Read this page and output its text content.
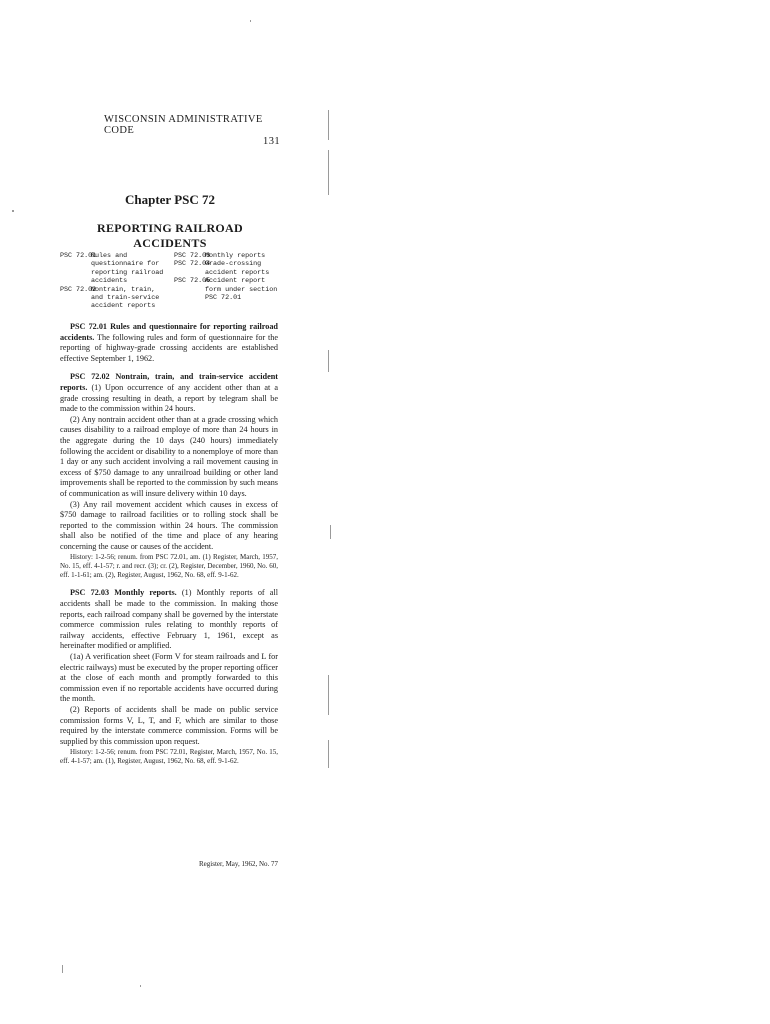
WISCONSIN ADMINISTRATIVE CODE
131
Chapter PSC 72
REPORTING RAILROAD ACCIDENTS
PSC 72.01
Rules and questionnaire for reporting railroad accidents
PSC 72.02
Nontrain, train, and train-service accident reports
PSC 72.03
Monthly reports
PSC 72.04
Grade-crossing accident reports
PSC 72.05
Accident report form under section PSC 72.01

PSC 72.01 Rules and questionnaire for reporting railroad accidents. The following rules and form of questionnaire for the reporting of highway-grade crossing accidents are established effective September 1, 1962.

PSC 72.02 Nontrain, train, and train-service accident reports. (1) Upon occurrence of any accident other than at a grade crossing resulting in death, a report by telegram shall be made to the commission within 24 hours.

(2) Any nontrain accident other than at a grade crossing which causes disability to a railroad employe of more than 24 hours in the aggregate during the 10 days (240 hours) immediately following the accident or disability to a nonemploye of more than 1 day or any such accident involving a rail movement causing in excess of $750 damage to any unrailroad building or other land improvements shall be reported to the commission by such means of communication as will insure delivery within 10 days.

(3) Any rail movement accident which causes in excess of $750 damage to railroad facilities or to rolling stock shall be reported to the commission within 24 hours. The commission shall also be notified of the time and place of any hearing concerning the cause or causes of the accident.

History: 1-2-56; renum. from PSC 72.01, am. (1) Register, March, 1957, No. 15, eff. 4-1-57; r. and recr. (3); cr. (2), Register, December, 1960, No. 60, eff. 1-1-61; am. (2), Register, August, 1962, No. 68, eff. 9-1-62.

PSC 72.03 Monthly reports. (1) Monthly reports of all accidents shall be made to the commission. In making those reports, each railroad company shall be governed by the interstate commerce commission rules relating to monthly reports of railway accidents, effective February 1, 1961, except as hereinafter modified or amplified.

(1a) A verification sheet (Form V for steam railroads and L for electric railways) must be executed by the proper reporting officer at the close of each month and promptly forwarded to this commission even if no reportable accidents have occurred during the month.

(2) Reports of accidents shall be made on public service commission forms V, L, T, and F, which are similar to those required by the interstate commerce commission. Forms will be supplied by this commission upon request.

History: 1-2-56; renum. from PSC 72.01, Register, March, 1957, No. 15, eff. 4-1-57; am. (1), Register, August, 1962, No. 68, eff. 9-1-62.

Register, May, 1962, No. 77
